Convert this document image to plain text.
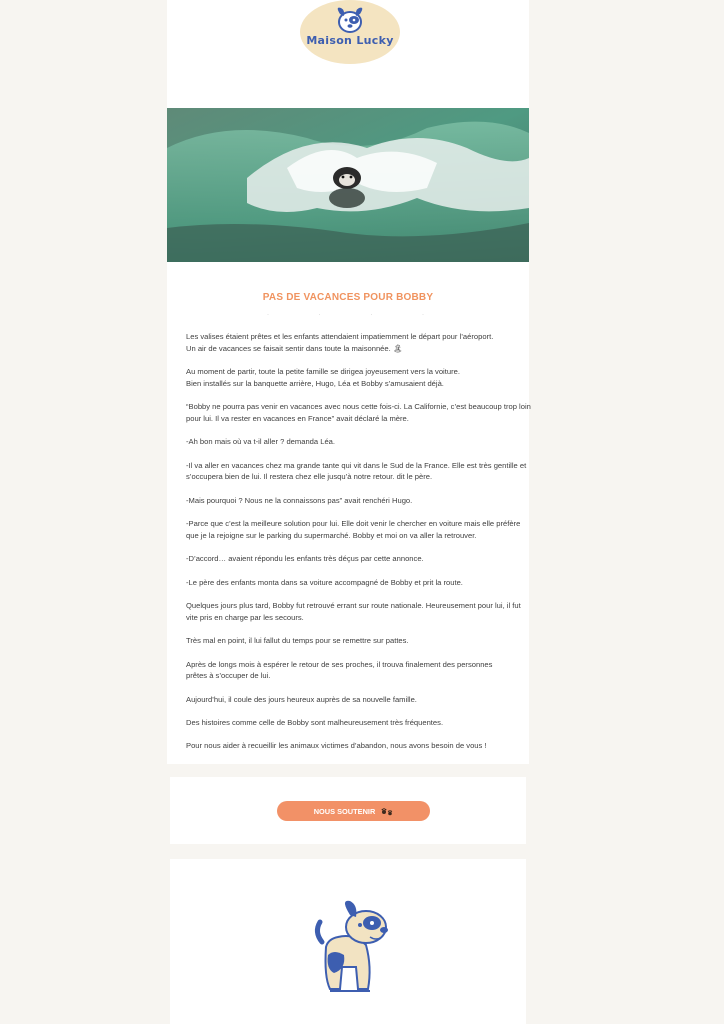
Maison Lucky
PAS DE VACANCES POUR BOBBY
· · · ·

Les valises étaient prêtes et les enfants attendaient impatiemment le départ pour l’aéroport.
Un air de vacances se faisait sentir dans toute la maisonnée. 🏝

Au moment de partir, toute la petite famille se dirigea joyeusement vers la voiture.
Bien installés sur la banquette arrière, Hugo, Léa et Bobby s’amusaient déjà.

“Bobby ne pourra pas venir en vacances avec nous cette fois-ci. La Californie, c’est beaucoup trop loin pour lui. Il va rester en vacances en France” avait déclaré la mère.

-Ah bon mais où va t-il aller ? demanda Léa.

-Il va aller en vacances chez ma grande tante qui vit dans le Sud de la France. Elle est très gentille et s’occupera bien de lui. Il restera chez elle jusqu’à notre retour. dit le père.

-Mais pourquoi ? Nous ne la connaissons pas” avait renchéri Hugo.

-Parce que c’est la meilleure solution pour lui. Elle doit venir le chercher en voiture mais elle préfère que je la rejoigne sur le parking du supermarché. Bobby et moi on va aller la retrouver.

-D’accord… avaient répondu les enfants très déçus par cette annonce.

-Le père des enfants monta dans sa voiture accompagné de Bobby et prit la route.

Quelques jours plus tard, Bobby fut retrouvé errant sur route nationale. Heureusement pour lui, il fut vite pris en charge par les secours.

Très mal en point, il lui fallut du temps pour se remettre sur pattes.

Après de longs mois à espérer le retour de ses proches, il trouva finalement des personnes
prêtes à s’occuper de lui.

Aujourd’hui, il coule des jours heureux auprès de sa nouvelle famille.

Des histoires comme celle de Bobby sont malheureusement très fréquentes.

Pour nous aider à recueillir les animaux victimes d’abandon, nous avons besoin de vous !

NOUS SOUTENIR
